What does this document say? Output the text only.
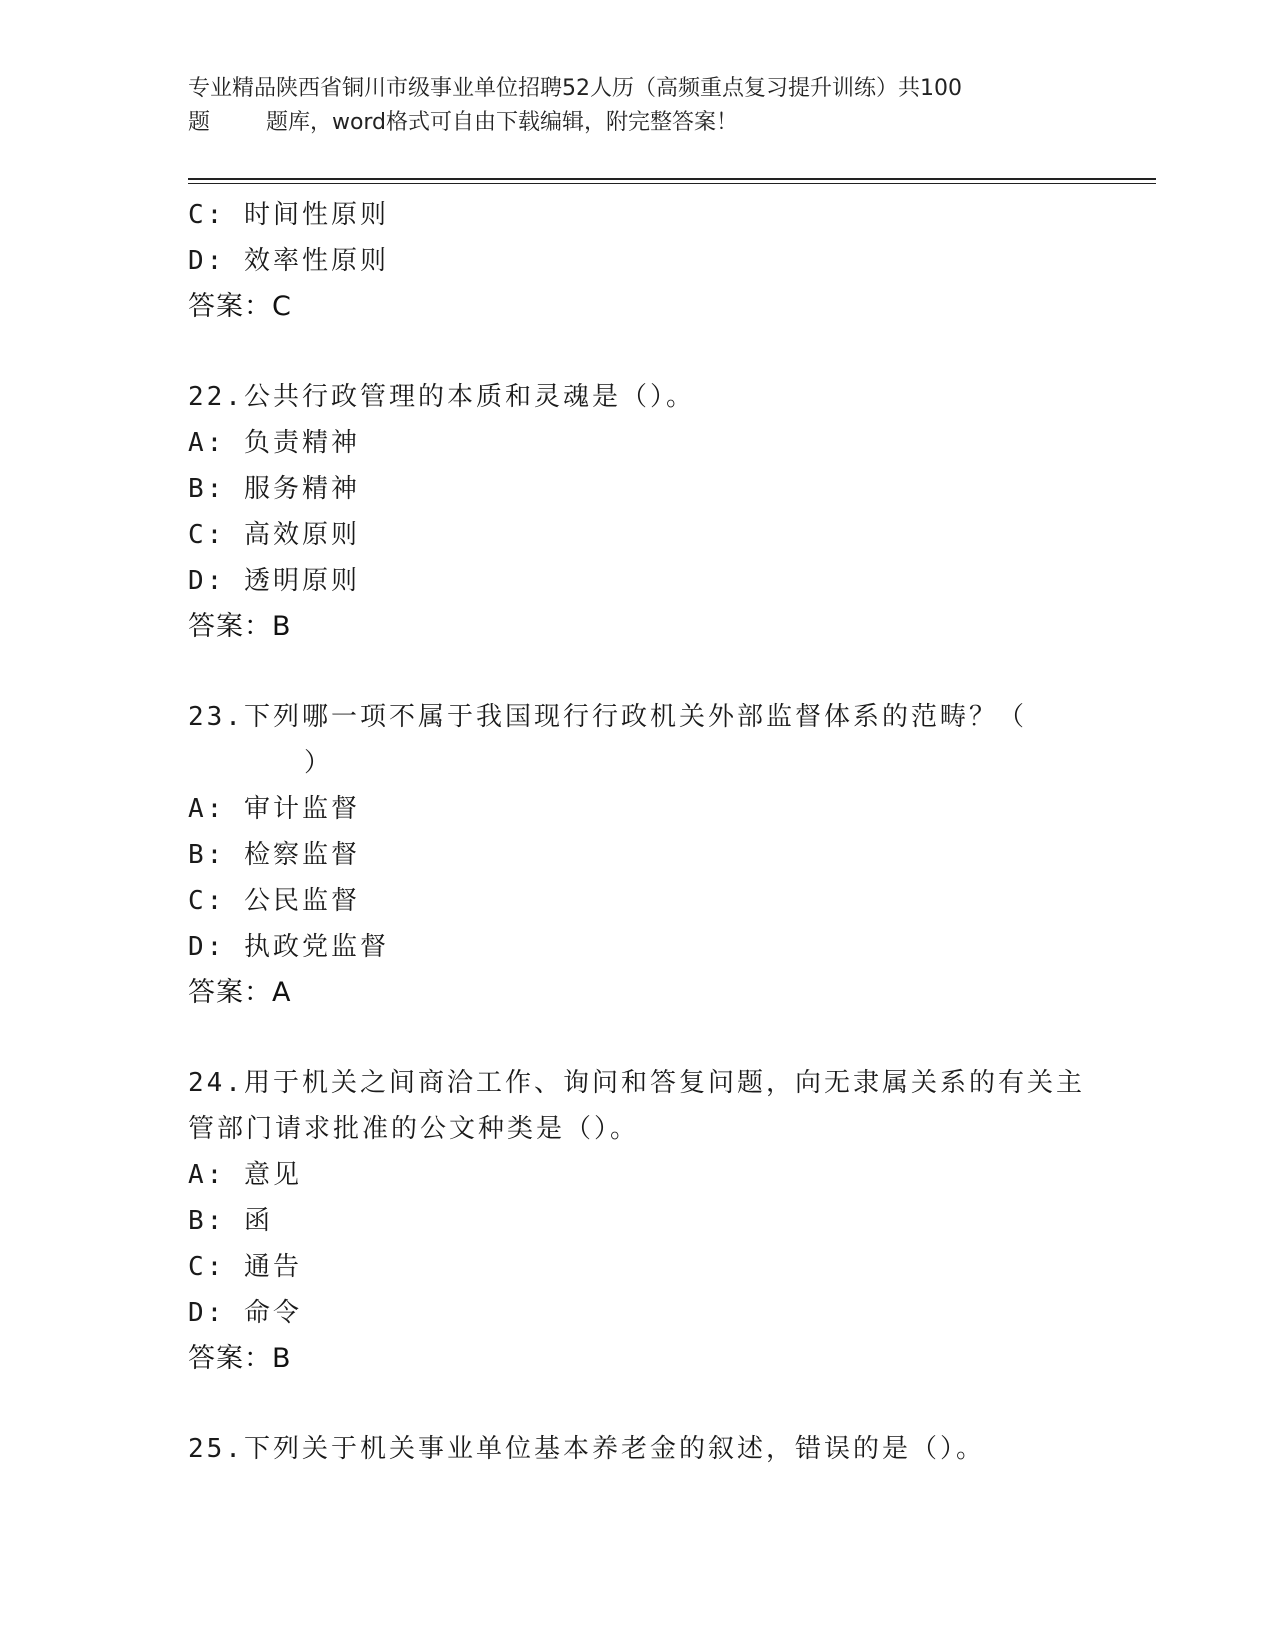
专业精品陕西省铜川市级事业单位招聘52人历（高频重点复习提升训练）共100
题        题库，word格式可自由下载编辑，附完整答案！
C: 时间性原则
D: 效率性原则
答案：C
22.公共行政管理的本质和灵魂是（）。
A: 负责精神
B: 服务精神
C: 高效原则
D: 透明原则
答案：B
23.下列哪一项不属于我国现行行政机关外部监督体系的范畴？（
）
A: 审计监督
B: 检察监督
C: 公民监督
D: 执政党监督
答案：A
24.用于机关之间商洽工作、询问和答复问题，向无隶属关系的有关主
管部门请求批准的公文种类是（）。
A: 意见
B: 函
C: 通告
D: 命令
答案：B
25.下列关于机关事业单位基本养老金的叙述，错误的是（）。
